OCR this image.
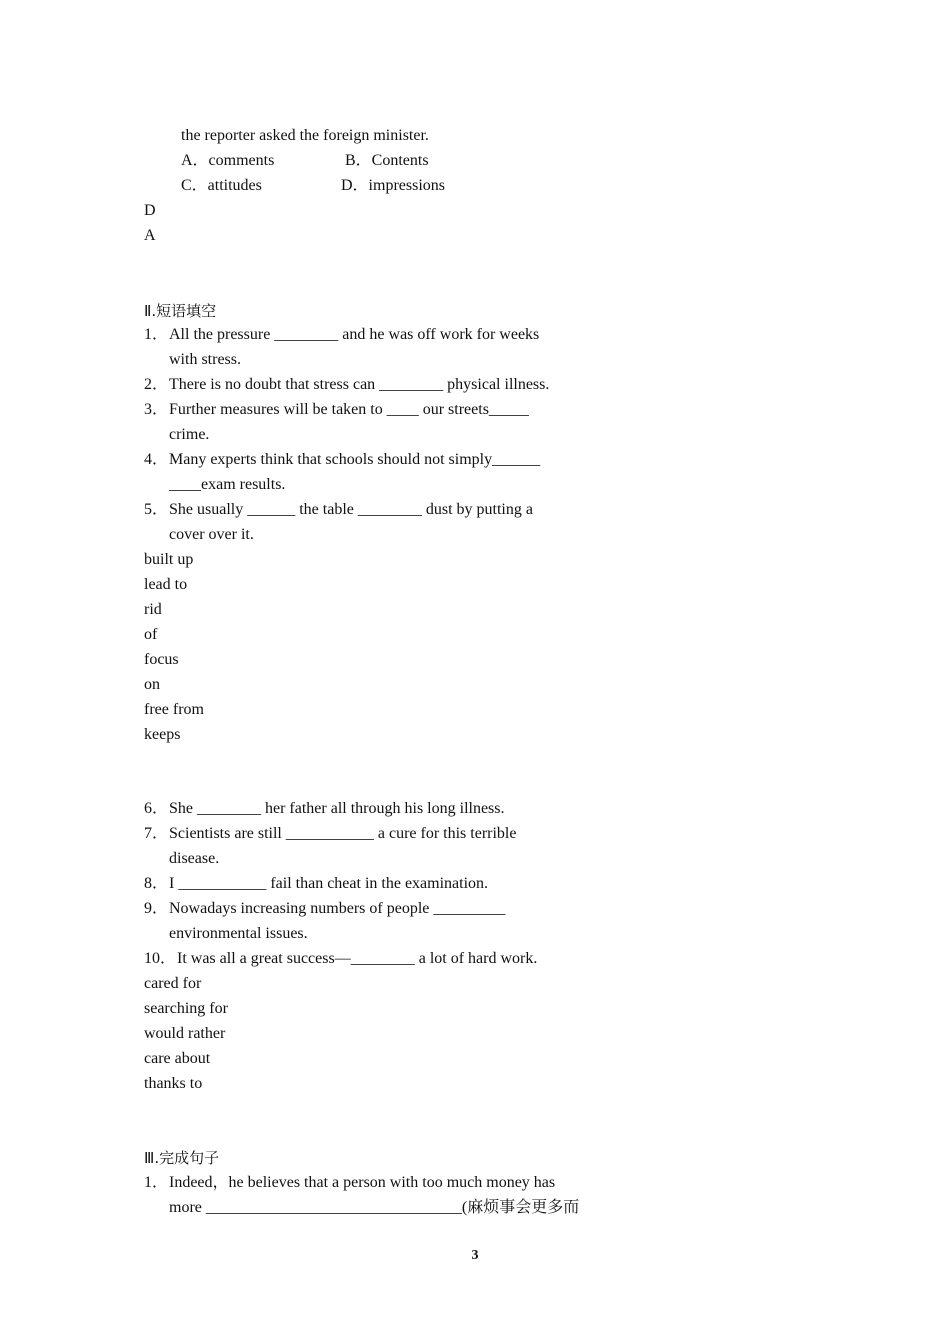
the reporter asked the foreign minister.
A．comments	B．Contents
C．attitudes	D．impressions
D
A
Ⅱ.短语填空
1．All the pressure ________ and he was off work for weeks
with stress.
2．There is no doubt that stress can ________ physical illness.
3．Further measures will be taken to ____ our streets_____
crime.
4．Many experts think that schools should not simply______
____exam results.
5．She usually ______ the table ________ dust by putting a
cover over it.
built up
lead to
rid
of
focus
on
free from
keeps
6．She ________ her father all through his long illness.
7．Scientists are still ___________ a cure for this terrible
disease.
8．I ___________ fail than cheat in the examination.
9．Nowadays increasing numbers of people _________
environmental issues.
10．It was all a great success—________ a lot of hard work.
cared for
searching for
would rather
care about
thanks to
Ⅲ.完成句子
1．Indeed，he believes that a person with too much money has
more ________________________________(麻烦事会更多而
3
